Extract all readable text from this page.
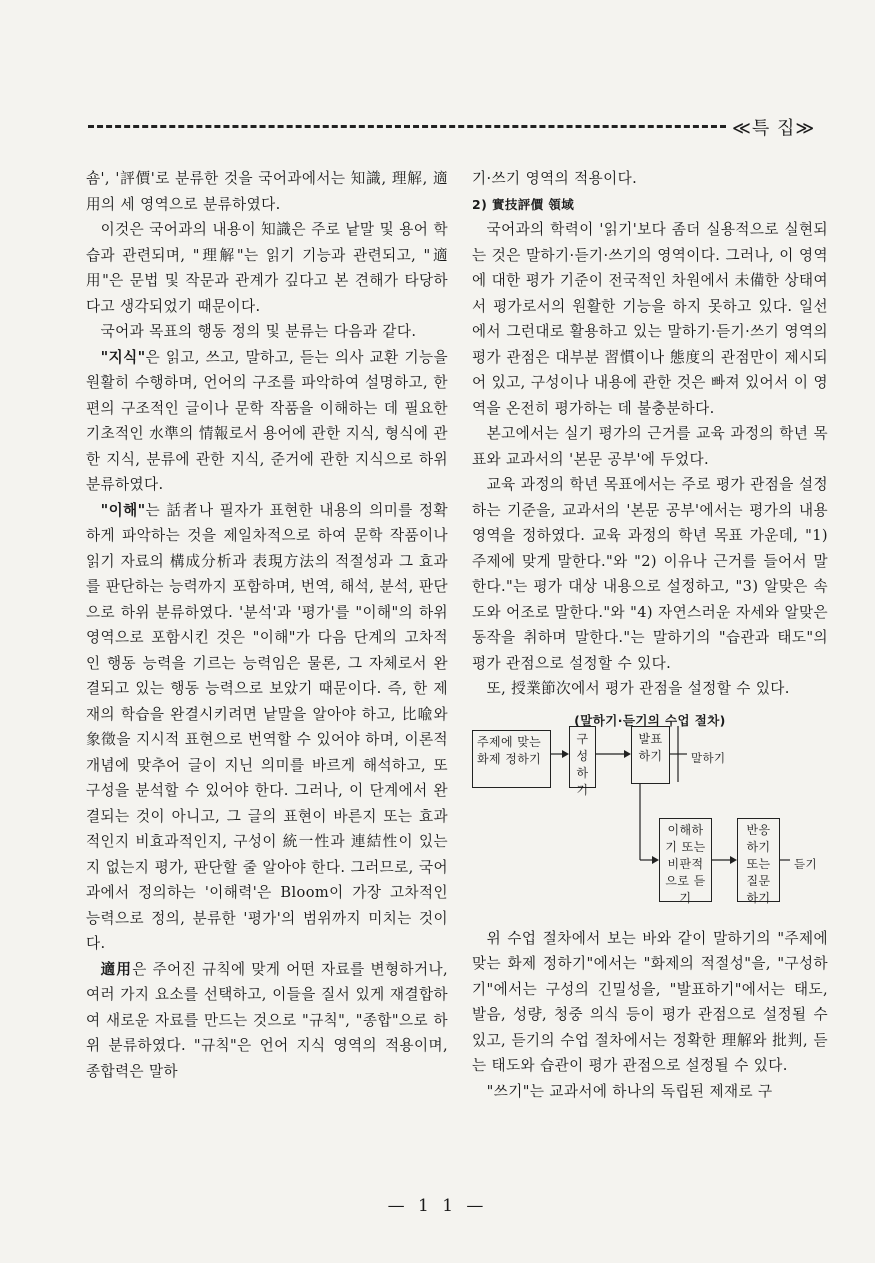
≪특 집≫

숌', '評價'로 분류한 것을 국어과에서는 知識, 理解, 適用의 세 영역으로 분류하였다.

이것은 국어과의 내용이 知識은 주로 낱말 및 용어 학습과 관련되며, "理解"는 읽기 기능과 관련되고, "適用"은 문법 및 작문과 관계가 깊다고 본 견해가 타당하다고 생각되었기 때문이다.

국어과 목표의 행동 정의 및 분류는 다음과 같다.

"지식"은 읽고, 쓰고, 말하고, 듣는 의사 교환 기능을 원활히 수행하며, 언어의 구조를 파악하여 설명하고, 한 편의 구조적인 글이나 문학 작품을 이해하는 데 필요한 기초적인 水準의 情報로서 용어에 관한 지식, 형식에 관한 지식, 분류에 관한 지식, 준거에 관한 지식으로 하위 분류하였다.

"이해"는 話者나 필자가 표현한 내용의 의미를 정확하게 파악하는 것을 제일차적으로 하여 문학 작품이나 읽기 자료의 構成分析과 表現方法의 적절성과 그 효과를 판단하는 능력까지 포함하며, 번역, 해석, 분석, 판단으로 하위 분류하였다. '분석'과 '평가'를 "이해"의 하위 영역으로 포함시킨 것은 "이해"가 다음 단계의 고차적인 행동 능력을 기르는 능력임은 물론, 그 자체로서 완결되고 있는 행동 능력으로 보았기 때문이다. 즉, 한 제재의 학습을 완결시키려면 낱말을 알아야 하고, 比喩와 象徵을 지시적 표현으로 번역할 수 있어야 하며, 이론적 개념에 맞추어 글이 지닌 의미를 바르게 해석하고, 또 구성을 분석할 수 있어야 한다. 그러나, 이 단계에서 완결되는 것이 아니고, 그 글의 표현이 바른지 또는 효과적인지 비효과적인지, 구성이 統一性과 連結性이 있는지 없는지 평가, 판단할 줄 알아야 한다. 그러므로, 국어과에서 정의하는 '이해력'은 Bloom이 가장 고차적인 능력으로 정의, 분류한 '평가'의 범위까지 미치는 것이다.

適用은 주어진 규칙에 맞게 어떤 자료를 변형하거나, 여러 가지 요소를 선택하고, 이들을 질서 있게 재결합하여 새로운 자료를 만드는 것으로 "규칙", "종합"으로 하위 분류하였다. "규칙"은 언어 지식 영역의 적용이며, 종합력은 말하

기·쓰기 영역의 적용이다.

2) 實技評價 領域

국어과의 학력이 '읽기'보다 좀더 실용적으로 실현되는 것은 말하기·듣기·쓰기의 영역이다. 그러나, 이 영역에 대한 평가 기준이 전국적인 차원에서 未備한 상태여서 평가로서의 원활한 기능을 하지 못하고 있다. 일선에서 그런대로 활용하고 있는 말하기·듣기·쓰기 영역의 평가 관점은 대부분 習慣이나 態度의 관점만이 제시되어 있고, 구성이나 내용에 관한 것은 빠져 있어서 이 영역을 온전히 평가하는 데 불충분하다.

본고에서는 실기 평가의 근거를 교육 과정의 학년 목표와 교과서의 '본문 공부'에 두었다.

교육 과정의 학년 목표에서는 주로 평가 관점을 설정하는 기준을, 교과서의 '본문 공부'에서는 평가의 내용 영역을 정하였다. 교육 과정의 학년 목표 가운데, "1) 주제에 맞게 말한다."와 "2) 이유나 근거를 들어서 말한다."는 평가 대상 내용으로 설정하고, "3) 알맞은 속도와 어조로 말한다."와 "4) 자연스러운 자세와 알맞은 동작을 취하며 말한다."는 말하기의 "습관과 태도"의 평가 관점으로 설정할 수 있다.

또, 授業節次에서 평가 관점을 설정할 수 있다.

(말하기·듣기의 수업 절차)
주제에 맞는 화제 정하기
구성하기
발표하기	말하기
이해하기 또는 비판적으로 듣기
반응하기 또는 질문하기
듣기

위 수업 절차에서 보는 바와 같이 말하기의 "주제에 맞는 화제 정하기"에서는 "화제의 적절성"을, "구성하기"에서는 구성의 긴밀성을, "발표하기"에서는 태도, 발음, 성량, 청중 의식 등이 평가 관점으로 설정될 수 있고, 듣기의 수업 절차에서는 정확한 理解와 批判, 듣는 태도와 습관이 평가 관점으로 설정될 수 있다.

"쓰기"는 교과서에 하나의 독립된 제재로 구

— 1 1 —
